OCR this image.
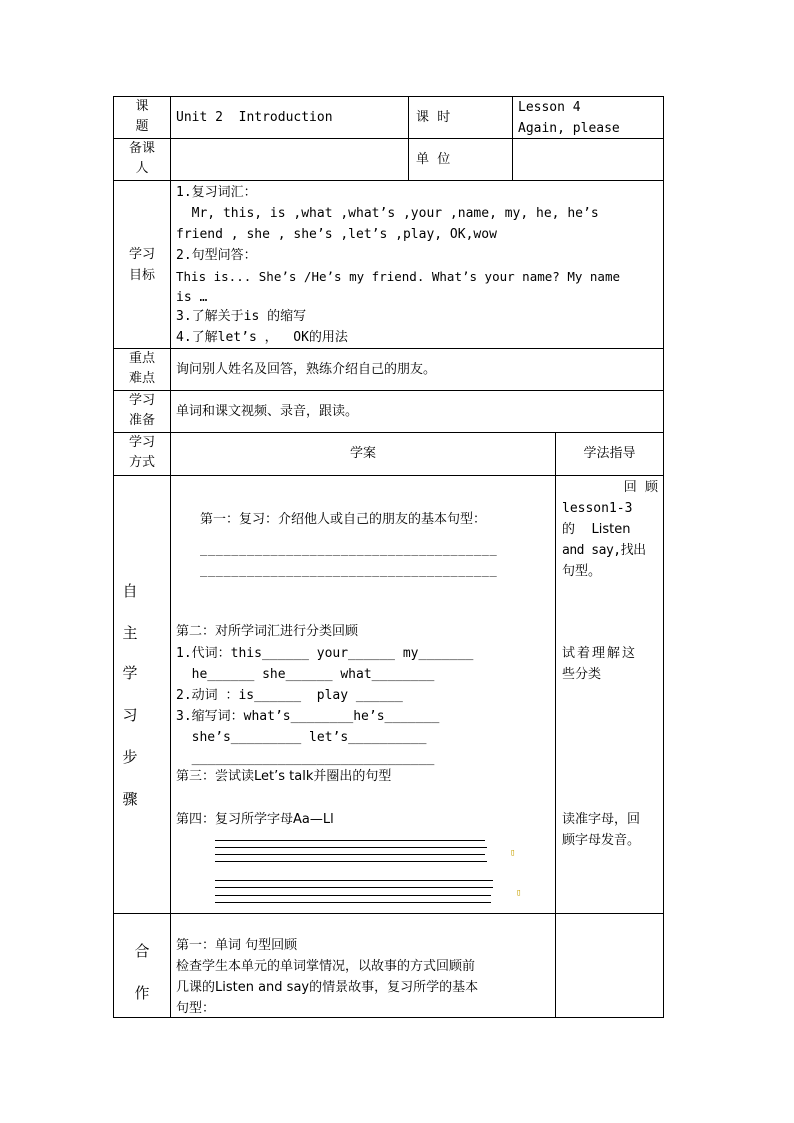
课
题
Unit 2  Introduction	课  时
Lesson 4
Again, please
备课
人
单  位
学习
目标
1.复习词汇：
Mr, this, is ,what ,what’s ,your ,name, my, he, he’s
friend , she , she’s ,let’s ,play, OK,wow
2.句型问答：
This is... She’s /He’s my friend. What’s your name? My name
is …
3.了解关于is 的缩写
4.了解let’s ，  OK的用法
重点
难点
询问别人姓名及回答，熟练介绍自己的朋友。
学习
准备
单词和课文视频、录音，跟读。
学习
方式
学案	学法指导
自
主
学
习
步
骤
第一：复习：介绍他人或自己的朋友的基本句型：
______________________________________
______________________________________
第二：对所学词汇进行分类回顾
1.代词：this______ your______ my_______
he______ she______ what________
2.动词 ：is______  play ______
3.缩写词：what’s________he’s_______
she’s_________ let’s__________
_______________________________
第三：尝试读Let’s talk并圈出的句型
第四：复习所学字母Aa—Ll
▯
▯
回  顾
lesson1-3
的    Listen
and say,找出
句型。
试着理解这
些分类
读准字母，回
顾字母发音。
合
作
第一：单词 句型回顾
检查学生本单元的单词掌情况，以故事的方式回顾前
几课的Listen and say的情景故事，复习所学的基本
句型：
